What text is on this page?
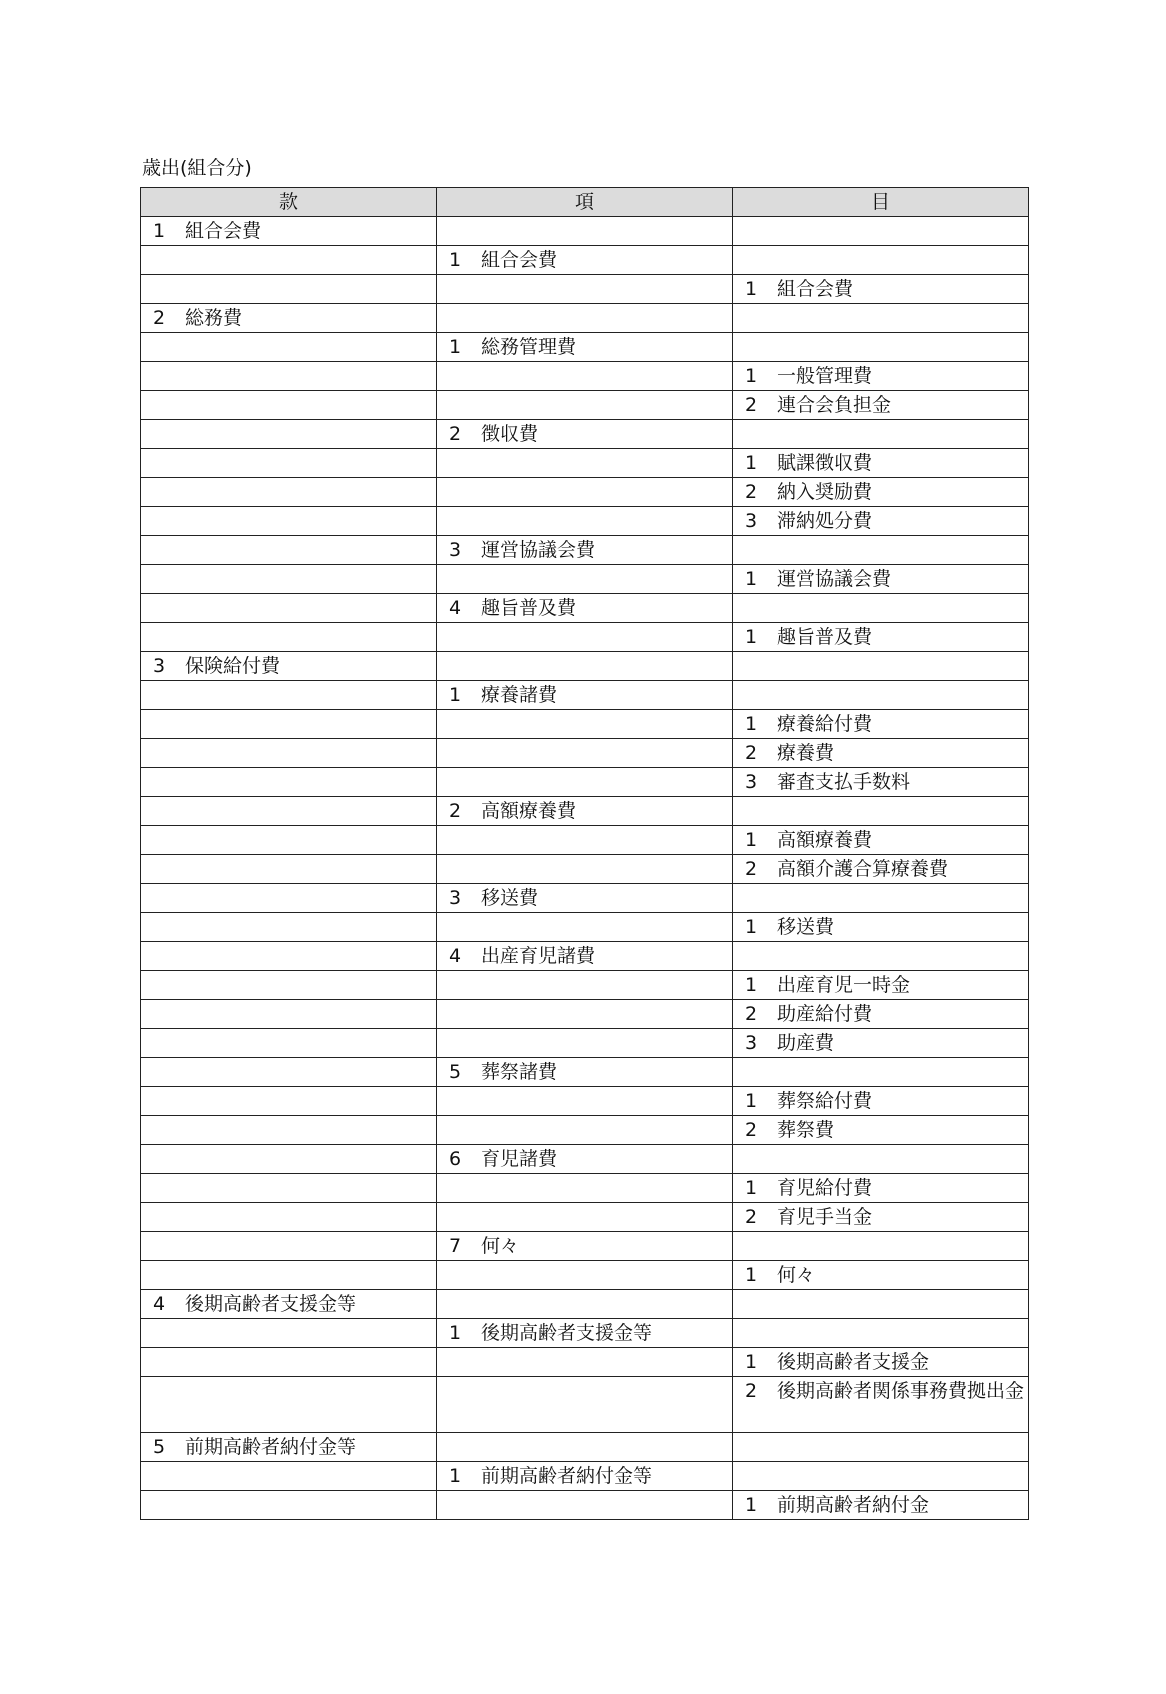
歳出(組合分)
款	項	目
1 組合会費		
	1 組合会費	
		1 組合会費
2 総務費		
	1 総務管理費	
		1 一般管理費
		2 連合会負担金
	2 徴収費	
		1 賦課徴収費
		2 納入奨励費
		3 滞納処分費
	3 運営協議会費	
		1 運営協議会費
	4 趣旨普及費	
		1 趣旨普及費
3 保険給付費		
	1 療養諸費	
		1 療養給付費
		2 療養費
		3 審査支払手数料
	2 高額療養費	
		1 高額療養費
		2 高額介護合算療養費
	3 移送費	
		1 移送費
	4 出産育児諸費	
		1 出産育児一時金
		2 助産給付費
		3 助産費
	5 葬祭諸費	
		1 葬祭給付費
		2 葬祭費
	6 育児諸費	
		1 育児給付費
		2 育児手当金
	7 何々	
		1 何々
4 後期高齢者支援金等		
	1 後期高齢者支援金等	
		1 後期高齢者支援金
		2 後期高齢者関係事務費拠出金
5 前期高齢者納付金等		
	1 前期高齢者納付金等	
		1 前期高齢者納付金
